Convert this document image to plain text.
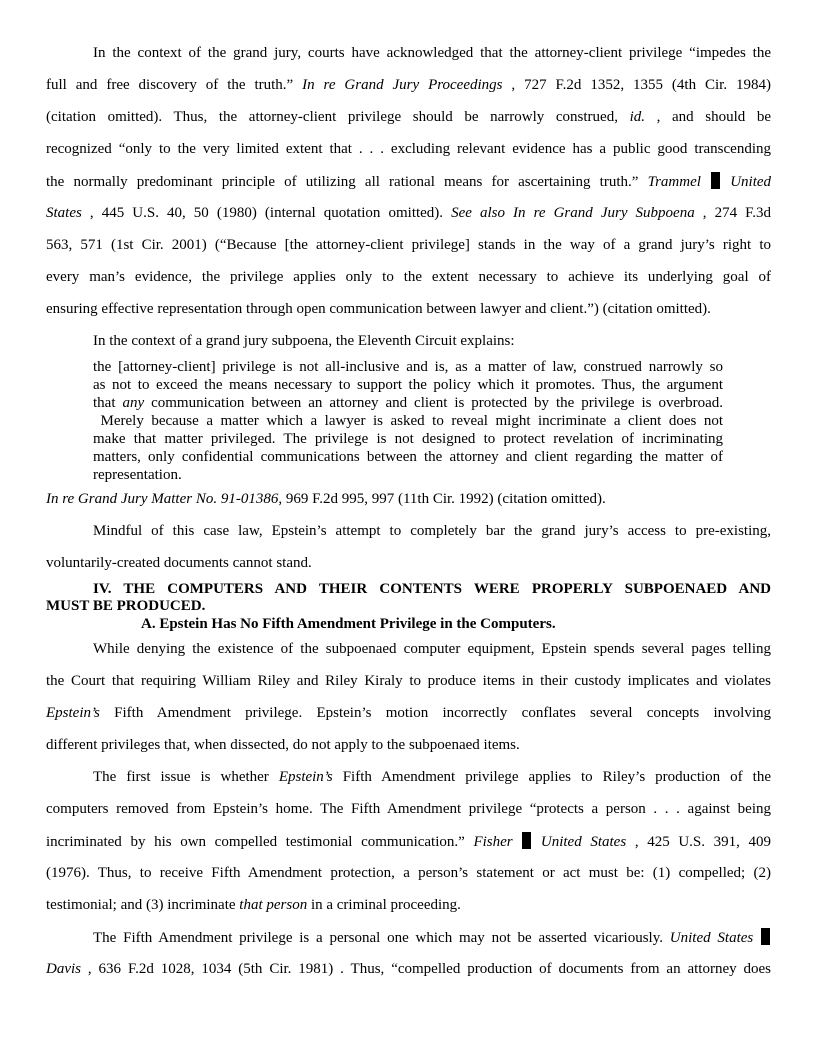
In the context of the grand jury, courts have acknowledged that the attorney-client privilege “impedes the
full and free discovery of the truth.” In re Grand Jury Proceedings , 727 F.2d 1352, 1355 (4th Cir. 1984)
(citation omitted). Thus, the attorney-client privilege should be narrowly construed, id. , and should be
recognized “only to the very limited extent that . . . excluding relevant evidence has a public good transcending
the normally predominant principle of utilizing all rational means for ascertaining truth.” Trammel United
States , 445 U.S. 40, 50 (1980) (internal quotation omitted). See also In re Grand Jury Subpoena , 274 F.3d
563, 571 (1st Cir. 2001) (“Because [the attorney-client privilege] stands in the way of a grand jury’s right to
every man’s evidence, the privilege applies only to the extent necessary to achieve its underlying goal of
ensuring effective representation through open communication between lawyer and client.”) (citation omitted).
In the context of a grand jury subpoena, the Eleventh Circuit explains:
the [attorney-client] privilege is not all-inclusive and is, as a matter of law, construed narrowly so
as not to exceed the means necessary to support the policy which it promotes. Thus, the argument
that any communication between an attorney and client is protected by the privilege is overbroad.
Merely because a matter which a lawyer is asked to reveal might incriminate a client does not
make that matter privileged. The privilege is not designed to protect revelation of incriminating
matters, only confidential communications between the attorney and client regarding the matter of
representation.
In re Grand Jury Matter No. 91-01386, 969 F.2d 995, 997 (11th Cir. 1992) (citation omitted).
Mindful of this case law, Epstein’s attempt to completely bar the grand jury’s access to pre-existing,
voluntarily-created documents cannot stand.
IV. THE COMPUTERS AND THEIR CONTENTS WERE PROPERLY SUBPOENAED AND
MUST BE PRODUCED.
A. Epstein Has No Fifth Amendment Privilege in the Computers.
While denying the existence of the subpoenaed computer equipment, Epstein spends several pages telling
the Court that requiring William Riley and Riley Kiraly to produce items in their custody implicates and violates
Epstein’s Fifth Amendment privilege. Epstein’s motion incorrectly conflates several concepts involving
different privileges that, when dissected, do not apply to the subpoenaed items.
The first issue is whether Epstein’s Fifth Amendment privilege applies to Riley’s production of the
computers removed from Epstein’s home. The Fifth Amendment privilege “protects a person . . . against being
incriminated by his own compelled testimonial communication.” Fisher United States , 425 U.S. 391, 409
(1976). Thus, to receive Fifth Amendment protection, a person’s statement or act must be: (1) compelled; (2)
testimonial; and (3) incriminate that person in a criminal proceeding.
The Fifth Amendment privilege is a personal one which may not be asserted vicariously. United States
Davis , 636 F.2d 1028, 1034 (5th Cir. 1981) . Thus, “compelled production of documents from an attorney does
